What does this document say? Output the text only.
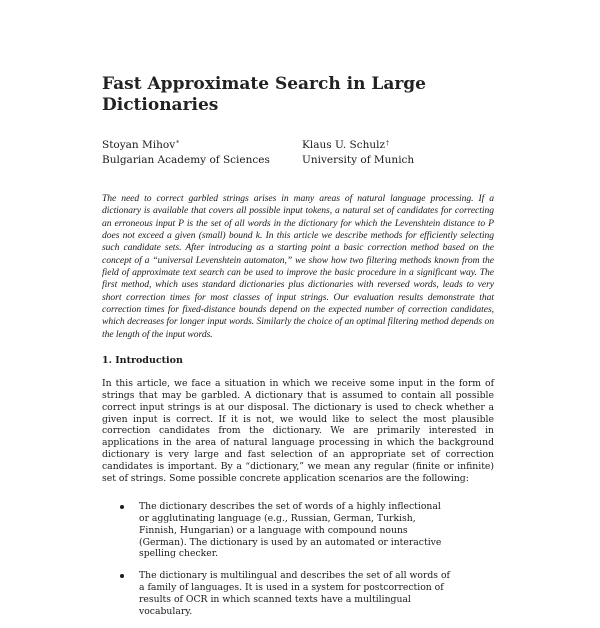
Fast Approximate Search in Large Dictionaries
Stoyan Mihov*
Bulgarian Academy of Sciences
Klaus U. Schulz†
University of Munich
The need to correct garbled strings arises in many areas of natural language processing. If a dictionary is available that covers all possible input tokens, a natural set of candidates for correcting an erroneous input P is the set of all words in the dictionary for which the Levenshtein distance to P does not exceed a given (small) bound k. In this article we describe methods for efficiently selecting such candidate sets. After introducing as a starting point a basic correction method based on the concept of a “universal Levenshtein automaton,” we show how two filtering methods known from the field of approximate text search can be used to improve the basic procedure in a significant way. The first method, which uses standard dictionaries plus dictionaries with reversed words, leads to very short correction times for most classes of input strings. Our evaluation results demonstrate that correction times for fixed-distance bounds depend on the expected number of correction candidates, which decreases for longer input words. Similarly the choice of an optimal filtering method depends on the length of the input words.
1. Introduction
In this article, we face a situation in which we receive some input in the form of strings that may be garbled. A dictionary that is assumed to contain all possible correct input strings is at our disposal. The dictionary is used to check whether a given input is correct. If it is not, we would like to select the most plausible correction candidates from the dictionary. We are primarily interested in applications in the area of natural language processing in which the background dictionary is very large and fast selection of an appropriate set of correction candidates is important. By a “dictionary,” we mean any regular (finite or infinite) set of strings. Some possible concrete application scenarios are the following:
The dictionary describes the set of words of a highly inflectional or agglutinating language (e.g., Russian, German, Turkish, Finnish, Hungarian) or a language with compound nouns (German). The dictionary is used by an automated or interactive spelling checker.
The dictionary is multilingual and describes the set of all words of a family of languages. It is used in a system for postcorrection of results of OCR in which scanned texts have a multilingual vocabulary.
